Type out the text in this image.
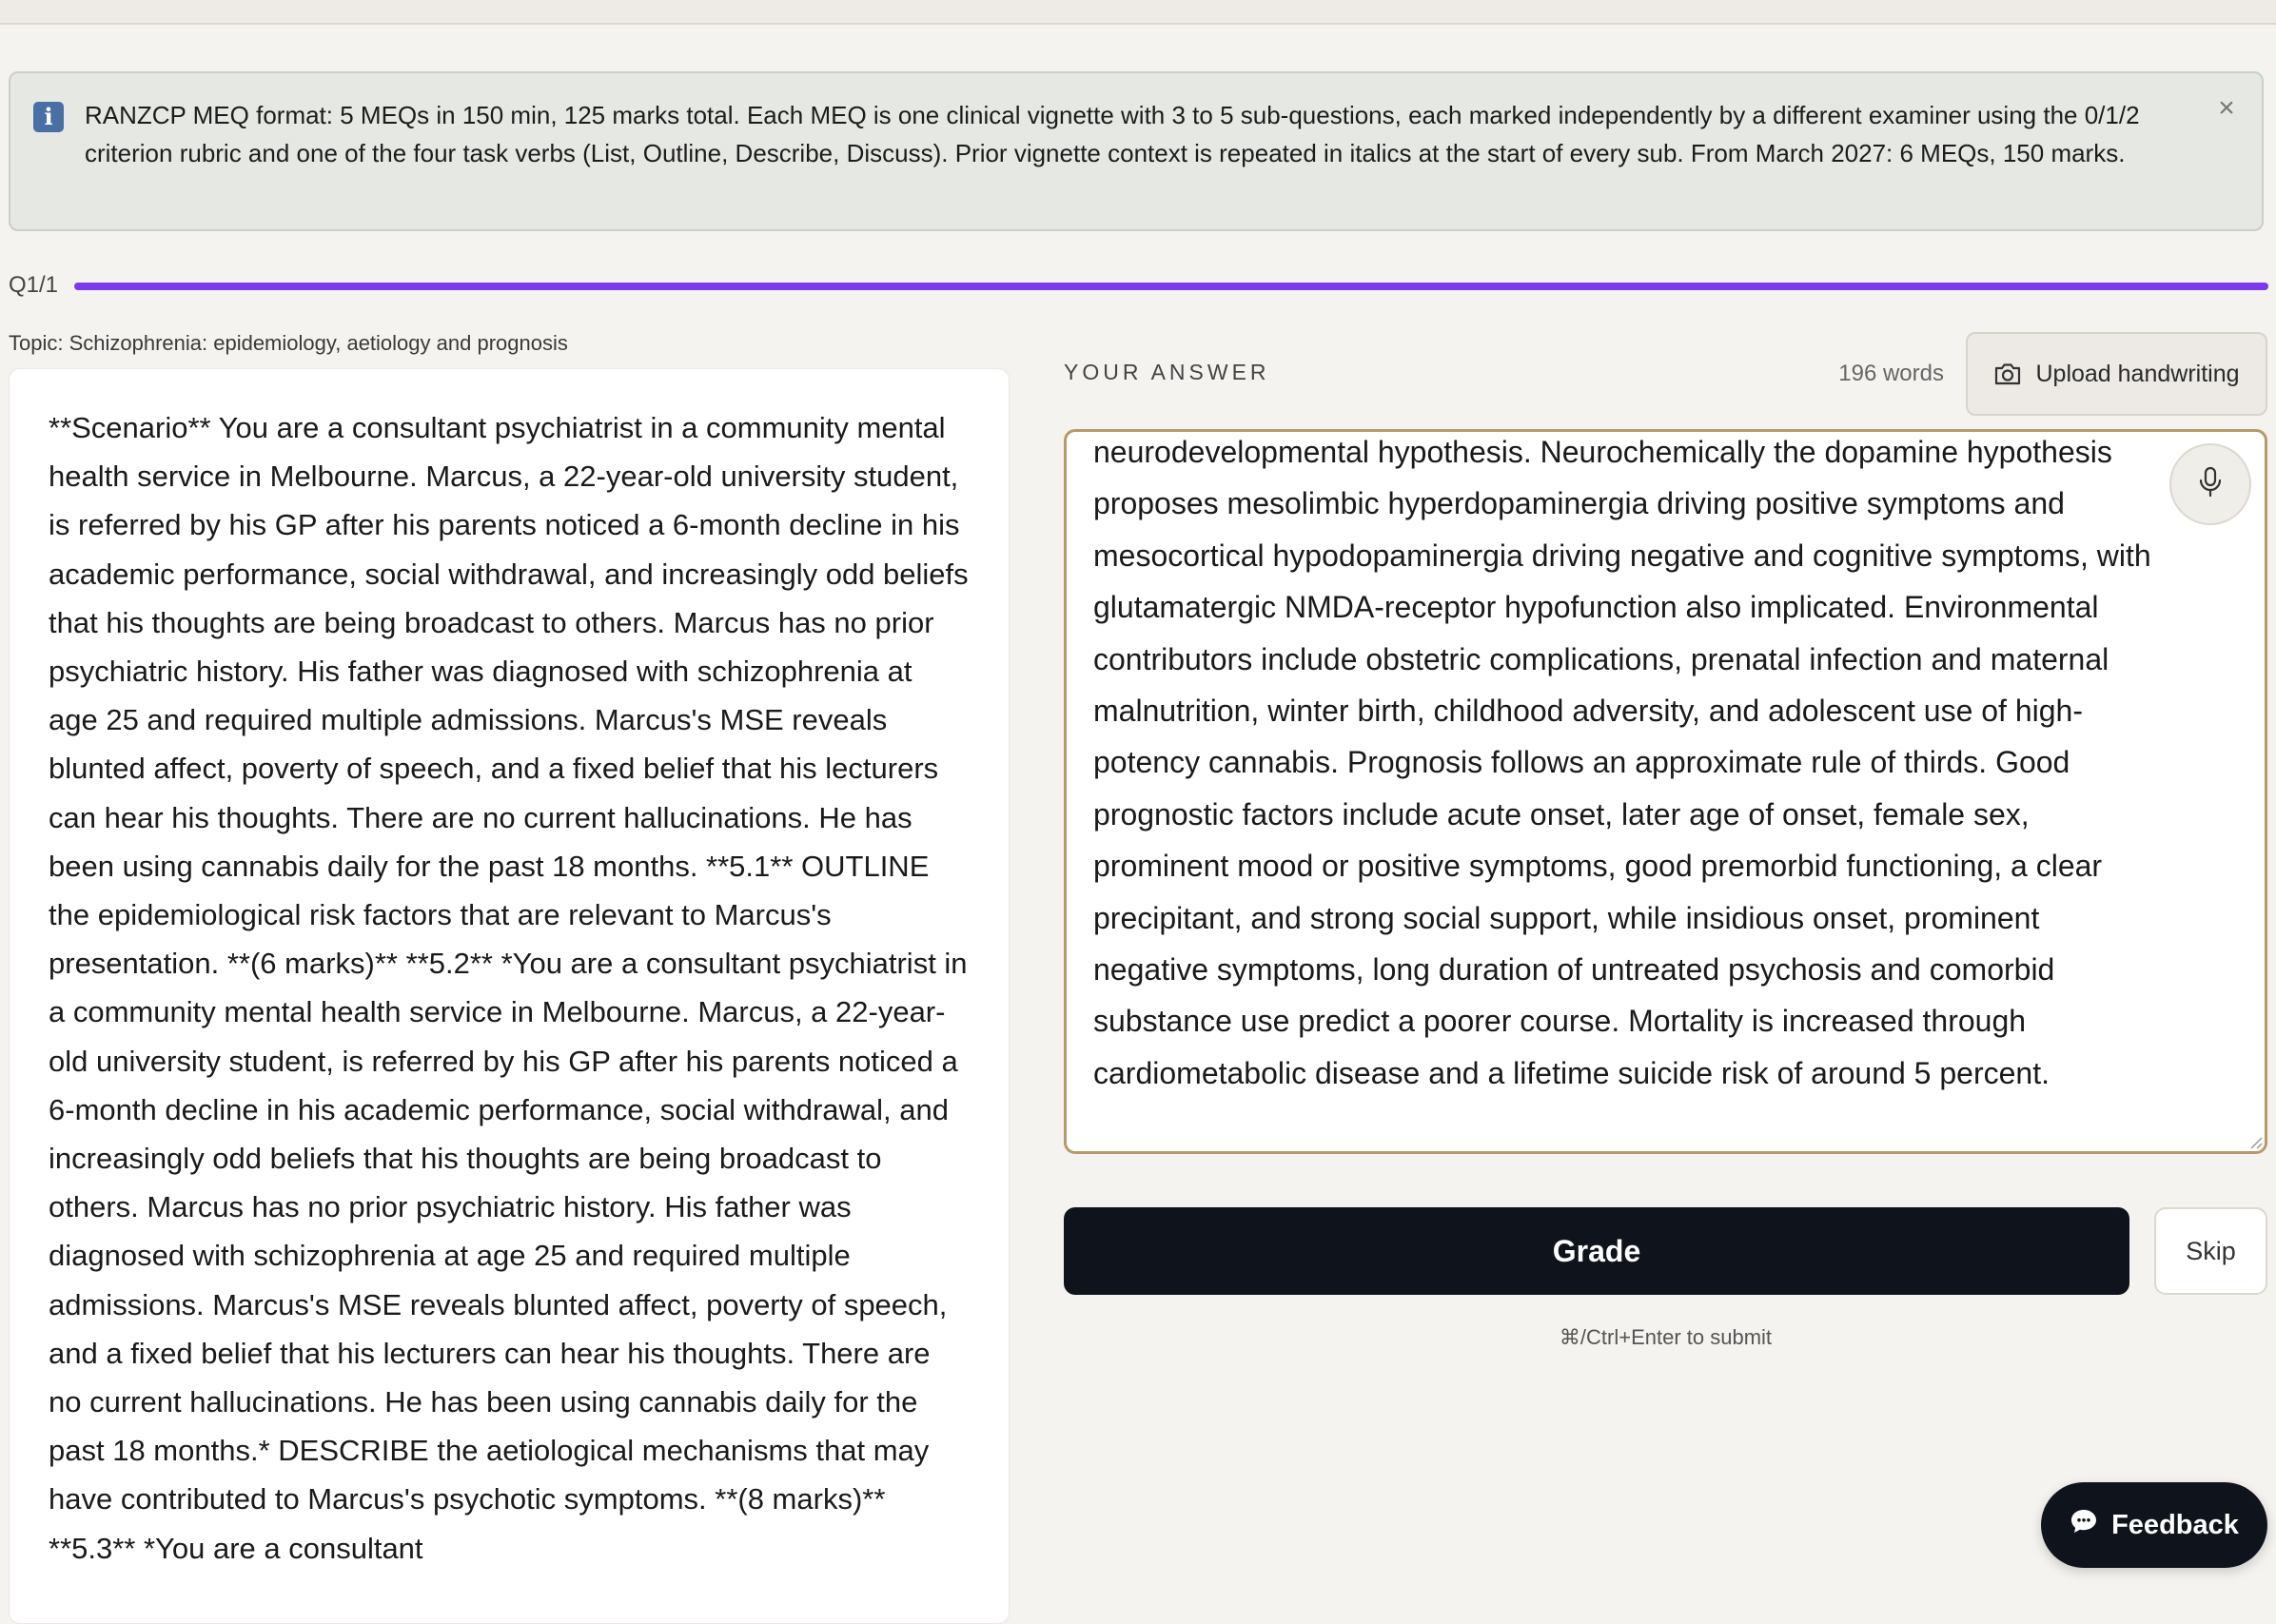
i	RANZCP MEQ format: 5 MEQs in 150 min, 125 marks total. Each MEQ is one clinical vignette with 3 to 5 sub-questions, each marked independently by a different examiner using the 0/1/2 criterion rubric and one of the four task verbs (List, Outline, Describe, Discuss). Prior vignette context is repeated in italics at the start of every sub. From March 2027: 6 MEQs, 150 marks.

×
Q1/1
Topic: Schizophrenia: epidemiology, aetiology and prognosis

**Scenario** You are a consultant psychiatrist in a community mental health service in Melbourne. Marcus, a 22-year-old university student, is referred by his GP after his parents noticed a 6-month decline in his academic performance, social withdrawal, and increasingly odd beliefs that his thoughts are being broadcast to others. Marcus has no prior psychiatric history. His father was diagnosed with schizophrenia at age 25 and required multiple admissions. Marcus's MSE reveals blunted affect, poverty of speech, and a fixed belief that his lecturers can hear his thoughts. There are no current hallucinations. He has been using cannabis daily for the past 18 months. **5.1** OUTLINE the epidemiological risk factors that are relevant to Marcus's presentation. **(6 marks)** **5.2** *You are a consultant psychiatrist in a community mental health service in Melbourne. Marcus, a 22-year-old university student, is referred by his GP after his parents noticed a 6-month decline in his academic performance, social withdrawal, and increasingly odd beliefs that his thoughts are being broadcast to others. Marcus has no prior psychiatric history. His father was diagnosed with schizophrenia at age 25 and required multiple admissions. Marcus's MSE reveals blunted affect, poverty of speech, and a fixed belief that his lecturers can hear his thoughts. There are no current hallucinations. He has been using cannabis daily for the past 18 months.* DESCRIBE the aetiological mechanisms that may have contributed to Marcus's psychotic symptoms. **(8 marks)** **5.3** *You are a consultant

YOUR ANSWER	196 words	Upload handwriting

neurodevelopmental hypothesis. Neurochemically the dopamine hypothesis proposes mesolimbic hyperdopaminergia driving positive symptoms and mesocortical hypodopaminergia driving negative and cognitive symptoms, with glutamatergic NMDA-receptor hypofunction also implicated. Environmental contributors include obstetric complications, prenatal infection and maternal malnutrition, winter birth, childhood adversity, and adolescent use of high-potency cannabis. Prognosis follows an approximate rule of thirds. Good prognostic factors include acute onset, later age of onset, female sex, prominent mood or positive symptoms, good premorbid functioning, a clear precipitant, and strong social support, while insidious onset, prominent negative symptoms, long duration of untreated psychosis and comorbid substance use predict a poorer course. Mortality is increased through cardiometabolic disease and a lifetime suicide risk of around 5 percent.

Grade	Skip
⌘/Ctrl+Enter to submit
Feedback
